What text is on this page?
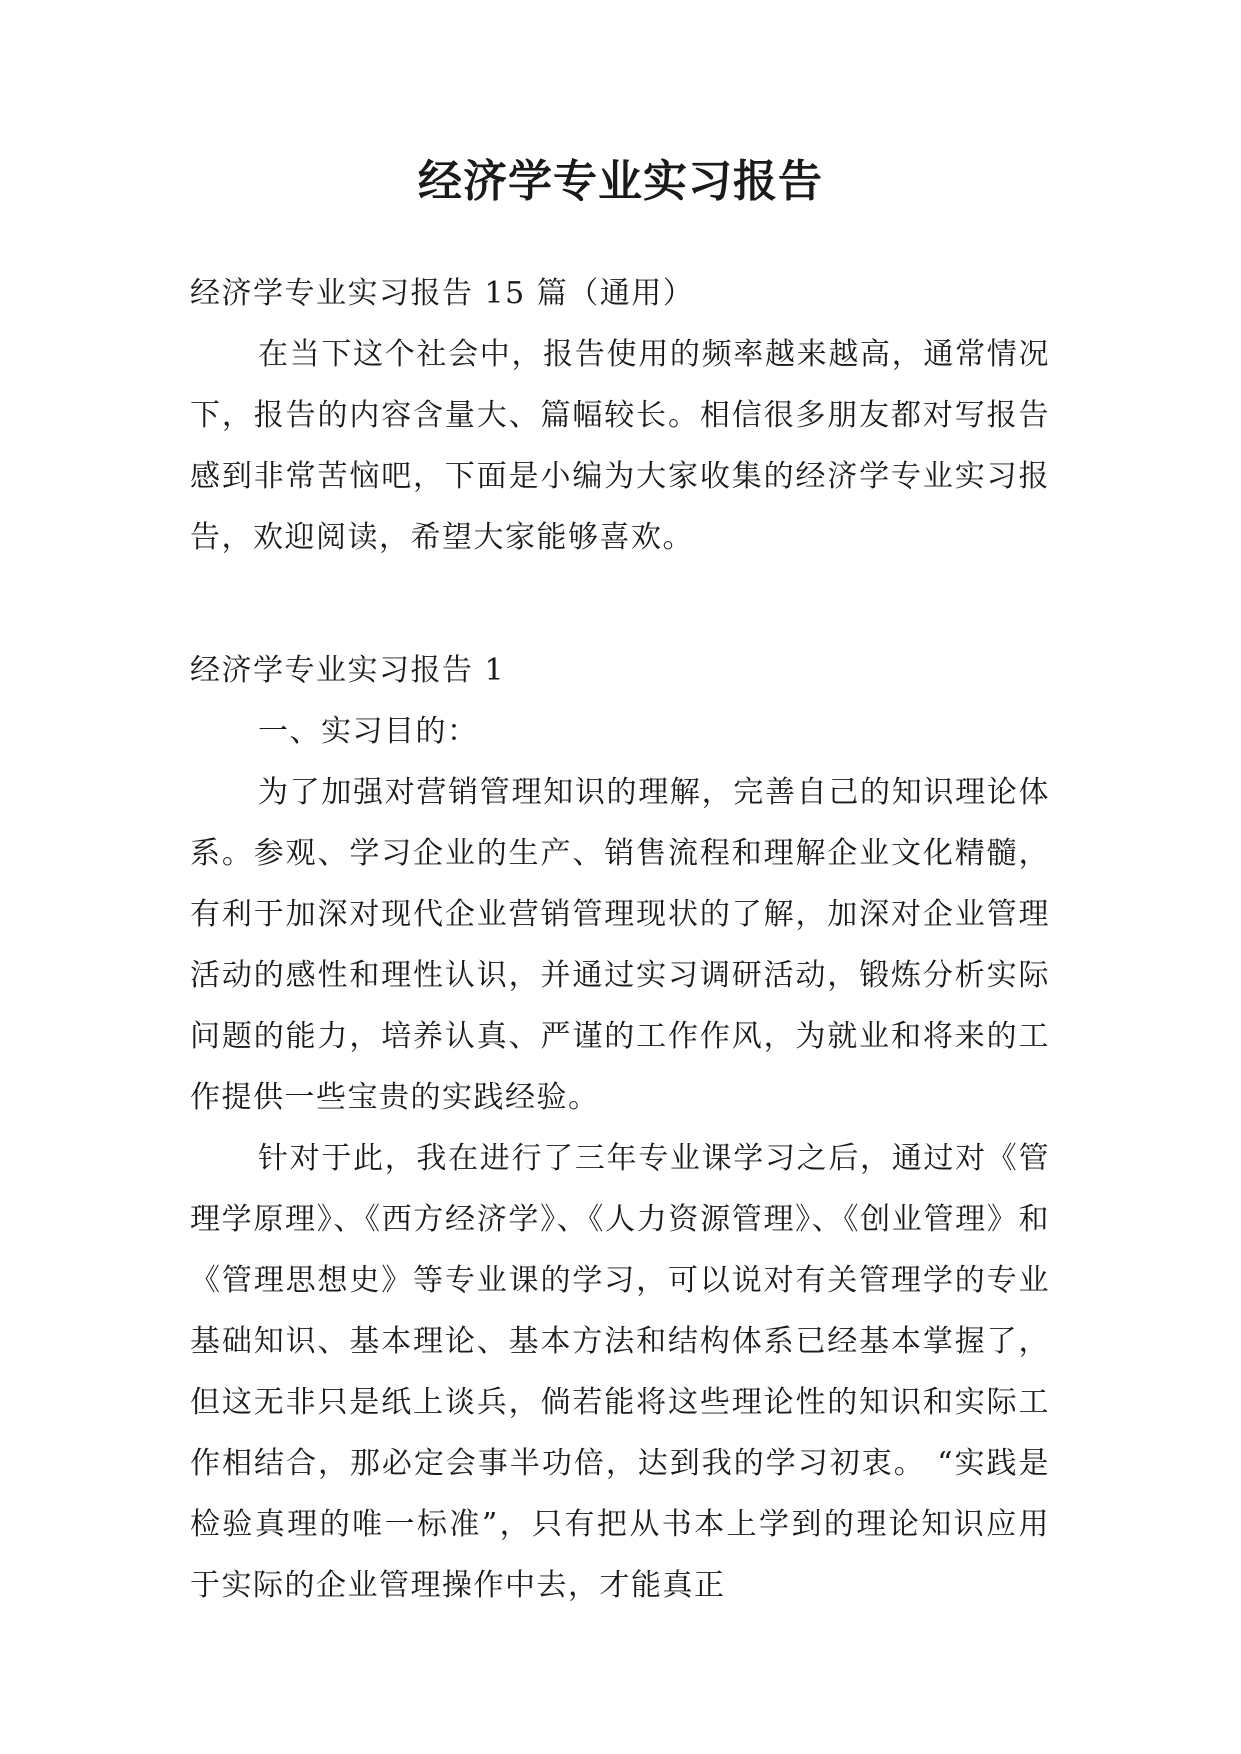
经济学专业实习报告

经济学专业实习报告 15 篇（通用）

在当下这个社会中，报告使用的频率越来越高，通常情况下，报告的内容含量大、篇幅较长。相信很多朋友都对写报告感到非常苦恼吧，下面是小编为大家收集的经济学专业实习报告，欢迎阅读，希望大家能够喜欢。

经济学专业实习报告 1

一、实习目的：

为了加强对营销管理知识的理解，完善自己的知识理论体系。参观、学习企业的生产、销售流程和理解企业文化精髓，有利于加深对现代企业营销管理现状的了解，加深对企业管理活动的感性和理性认识，并通过实习调研活动，锻炼分析实际问题的能力，培养认真、严谨的工作作风，为就业和将来的工作提供一些宝贵的实践经验。

针对于此，我在进行了三年专业课学习之后，通过对《管理学原理》、《西方经济学》、《人力资源管理》、《创业管理》和《管理思想史》等专业课的学习，可以说对有关管理学的专业基础知识、基本理论、基本方法和结构体系已经基本掌握了，但这无非只是纸上谈兵，倘若能将这些理论性的知识和实际工作相结合，那必定会事半功倍，达到我的学习初衷。 “实践是检验真理的唯一标准”，只有把从书本上学到的理论知识应用于实际的企业管理操作中去，才能真正
